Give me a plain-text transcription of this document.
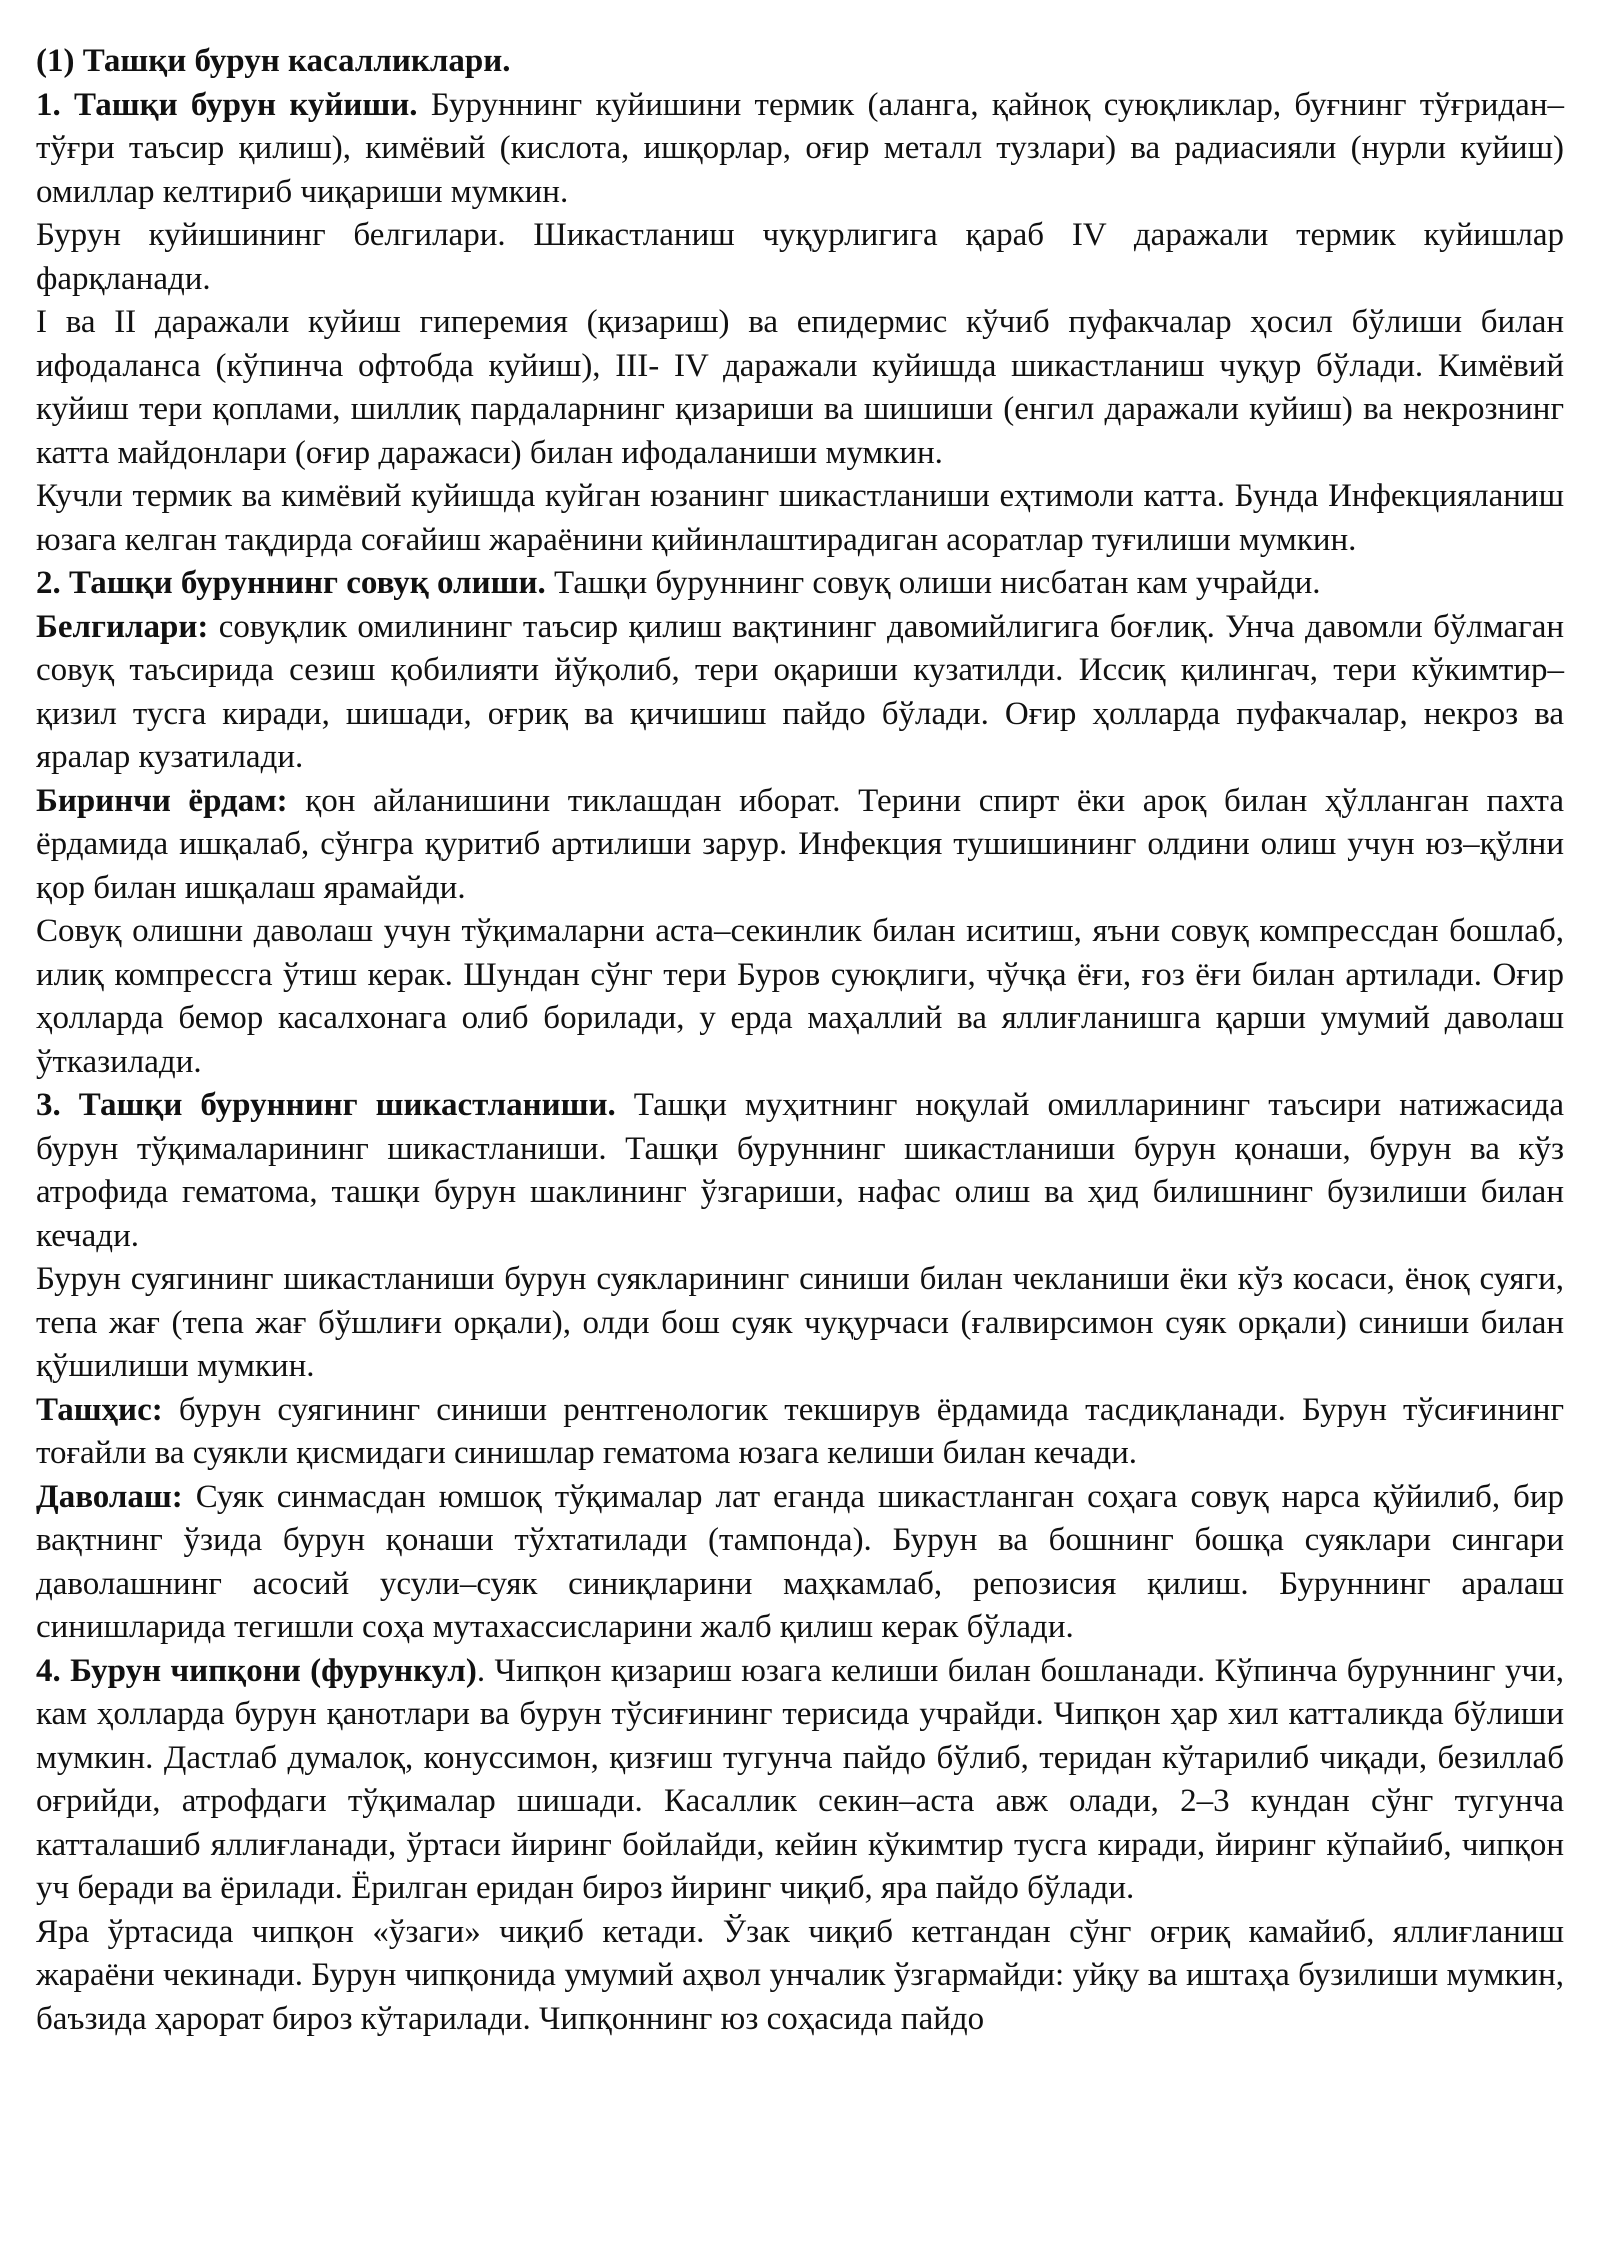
(1) Ташқи бурун касалликлари.

1. Ташқи бурун куйиши. Буруннинг куйишини термик (аланга, қайноқ суюқликлар, буғнинг тўғридан–тўғри таъсир қилиш), кимёвий (кислота, ишқорлар, оғир металл тузлари) ва радиасияли (нурли куйиш) омиллар келтириб чиқариши мумкин.

Бурун куйишининг белгилари. Шикастланиш чуқурлигига қараб IV даражали термик куйишлар фарқланади.

I ва II даражали куйиш гиперемия (қизариш) ва епидермис кўчиб пуфакчалар ҳосил бўлиши билан ифодаланса (кўпинча офтобда куйиш), III- IV даражали куйишда шикастланиш чуқур бўлади. Кимёвий куйиш тери қоплами, шиллиқ пардаларнинг қизариши ва шишиши (енгил даражали куйиш) ва некрознинг катта майдонлари (оғир даражаси) билан ифодаланиши мумкин.

Кучли термик ва кимёвий куйишда куйган юзанинг шикастланиши еҳтимоли катта. Бунда Инфекцияланиш юзага келган тақдирда соғайиш жараёнини қийинлаштирадиган асоратлар туғилиши мумкин.

2. Ташқи буруннинг совуқ олиши. Ташқи буруннинг совуқ олиши нисбатан кам учрайди.

Белгилари: совуқлик омилининг таъсир қилиш вақтининг давомийлигига боғлиқ. Унча давомли бўлмаган совуқ таъсирида сезиш қобилияти йўқолиб, тери оқариши кузатилди. Иссиқ қилингач, тери кўкимтир–қизил тусга киради, шишади, оғриқ ва қичишиш пайдо бўлади. Оғир ҳолларда пуфакчалар, некроз ва яралар кузатилади.

Биринчи ёрдам: қон айланишини тиклашдан иборат. Терини спирт ёки ароқ билан ҳўлланган пахта ёрдамида ишқалаб, сўнгра қуритиб артилиши зарур. Инфекция тушишининг олдини олиш учун юз–қўлни қор билан ишқалаш ярамайди.

Совуқ олишни даволаш учун тўқималарни аста–секинлик билан иситиш, яъни совуқ компрессдан бошлаб, илиқ компрессга ўтиш керак. Шундан сўнг тери Буров суюқлиги, чўчқа ёғи, ғоз ёғи билан артилади. Оғир ҳолларда бемор касалхонага олиб борилади, у ерда маҳаллий ва яллиғланишга қарши умумий даволаш ўтказилади.

3. Ташқи буруннинг шикастланиши. Ташқи муҳитнинг ноқулай омилларининг таъсири натижасида бурун тўқималарининг шикастланиши. Ташқи буруннинг шикастланиши бурун қонаши, бурун ва кўз атрофида гематома, ташқи бурун шаклининг ўзгариши, нафас олиш ва ҳид билишнинг бузилиши билан кечади.

Бурун суягининг шикастланиши бурун суякларининг синиши билан чекланиши ёки кўз косаси, ёноқ суяги, тепа жағ (тепа жағ бўшлиғи орқали), олди бош суяк чуқурчаси (ғалвирсимон суяк орқали) синиши билан қўшилиши мумкин.

Ташҳис: бурун суягининг синиши рентгенологик текширув ёрдамида тасдиқланади. Бурун тўсиғининг тоғайли ва суякли қисмидаги синишлар гематома юзага келиши билан кечади.

Даволаш: Суяк синмасдан юмшоқ тўқималар лат еганда шикастланган соҳага совуқ нарса қўйилиб, бир вақтнинг ўзида бурун қонаши тўхтатилади (тампонда). Бурун ва бошнинг бошқа суяклари сингари даволашнинг асосий усули–суяк синиқларини маҳкамлаб, репозисия қилиш. Буруннинг аралаш синишларида тегишли соҳа мутахассисларини жалб қилиш керак бўлади.

4. Бурун чипқони (фурункул). Чипқон қизариш юзага келиши билан бошланади. Кўпинча буруннинг учи, кам ҳолларда бурун қанотлари ва бурун тўсиғининг терисида учрайди. Чипқон ҳар хил катталикда бўлиши мумкин. Дастлаб думалоқ, конуссимон, қизғиш тугунча пайдо бўлиб, теридан кўтарилиб чиқади, безиллаб оғрийди, атрофдаги тўқималар шишади. Касаллик секин–аста авж олади, 2–3 кундан сўнг тугунча катталашиб яллиғланади, ўртаси йиринг бойлайди, кейин кўкимтир тусга киради, йиринг кўпайиб, чипқон уч беради ва ёрилади. Ёрилган еридан бироз йиринг чиқиб, яра пайдо бўлади.

Яра ўртасида чипқон «ўзаги» чиқиб кетади. Ўзак чиқиб кетгандан сўнг оғриқ камайиб, яллиғланиш жараёни чекинади. Бурун чипқонида умумий аҳвол унчалик ўзгармайди: уйқу ва иштаҳа бузилиши мумкин, баъзида ҳарорат бироз кўтарилади. Чипқоннинг юз соҳасида пайдо
